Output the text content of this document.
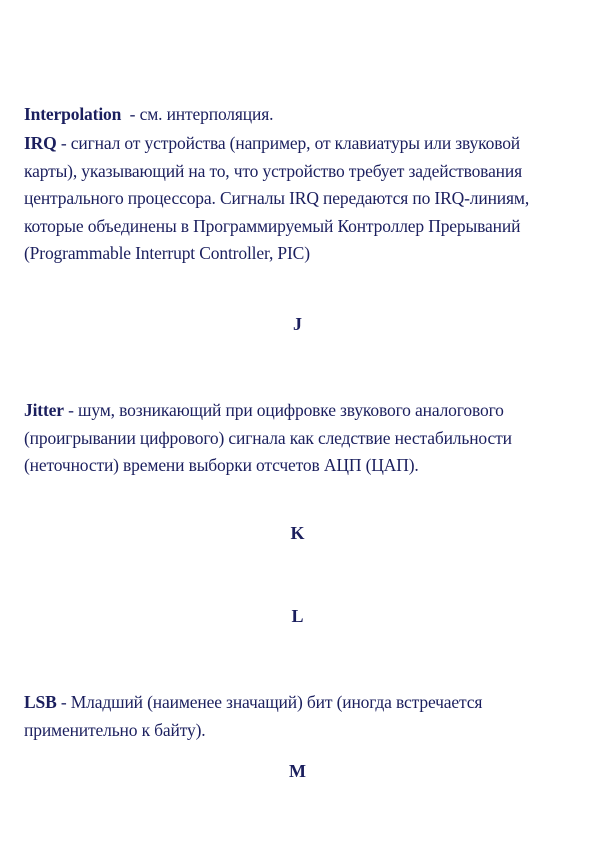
Interpolation  - см. интерполяция.
IRQ - сигнал от устройства (например, от клавиатуры или звуковой карты), указывающий на то, что устройство требует задействования центрального процессора. Сигналы IRQ передаются по IRQ-линиям, которые объединены в Программируемый Контроллер Прерываний (Programmable Interrupt Controller, PIC)
J
Jitter - шум, возникающий при оцифровке звукового аналогового (проигрывании цифрового) сигнала как следствие нестабильности (неточности) времени выборки отсчетов АЦП (ЦАП).
K
L
LSB - Младший (наименее значащий) бит (иногда встречается применительно к байту).
M
